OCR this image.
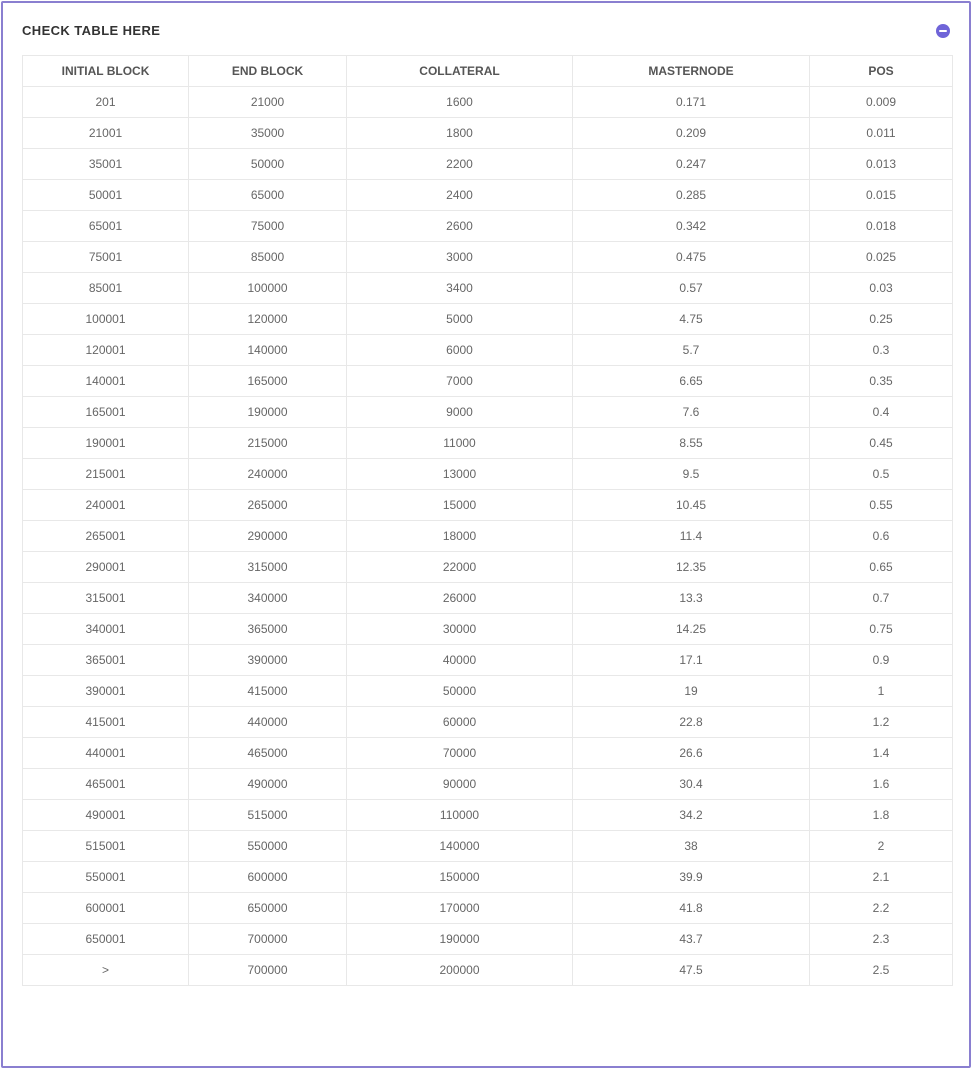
CHECK TABLE HERE
INITIAL BLOCK	END BLOCK	COLLATERAL	MASTERNODE	POS
201	21000	1600	0.171	0.009
21001	35000	1800	0.209	0.011
35001	50000	2200	0.247	0.013
50001	65000	2400	0.285	0.015
65001	75000	2600	0.342	0.018
75001	85000	3000	0.475	0.025
85001	100000	3400	0.57	0.03
100001	120000	5000	4.75	0.25
120001	140000	6000	5.7	0.3
140001	165000	7000	6.65	0.35
165001	190000	9000	7.6	0.4
190001	215000	11000	8.55	0.45
215001	240000	13000	9.5	0.5
240001	265000	15000	10.45	0.55
265001	290000	18000	11.4	0.6
290001	315000	22000	12.35	0.65
315001	340000	26000	13.3	0.7
340001	365000	30000	14.25	0.75
365001	390000	40000	17.1	0.9
390001	415000	50000	19	1
415001	440000	60000	22.8	1.2
440001	465000	70000	26.6	1.4
465001	490000	90000	30.4	1.6
490001	515000	110000	34.2	1.8
515001	550000	140000	38	2
550001	600000	150000	39.9	2.1
600001	650000	170000	41.8	2.2
650001	700000	190000	43.7	2.3
>	700000	200000	47.5	2.5
